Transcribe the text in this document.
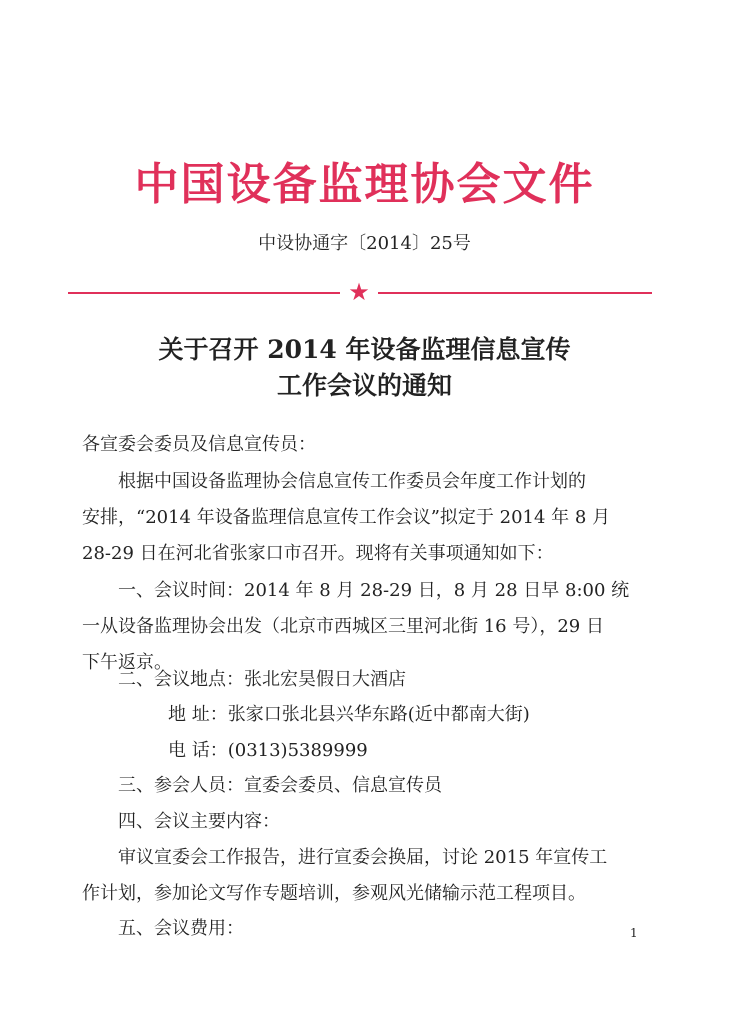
中国设备监理协会文件
中设协通字〔2014〕25号
★
关于召开 2014 年设备监理信息宣传
工作会议的通知
各宣委会委员及信息宣传员：
根据中国设备监理协会信息宣传工作委员会年度工作计划的
安排，“2014 年设备监理信息宣传工作会议”拟定于 2014 年 8 月
28-29 日在河北省张家口市召开。现将有关事项通知如下：
一、会议时间：2014 年 8 月 28-29 日，8 月 28 日早 8:00 统
一从设备监理协会出发（北京市西城区三里河北街 16 号），29 日
下午返京。
二、会议地点：张北宏昊假日大酒店
地 址：张家口张北县兴华东路(近中都南大街)
电 话：(0313)5389999
三、参会人员：宣委会委员、信息宣传员
四、会议主要内容：
审议宣委会工作报告，进行宣委会换届，讨论 2015 年宣传工
作计划，参加论文写作专题培训，参观风光储输示范工程项目。
五、会议费用：	1
